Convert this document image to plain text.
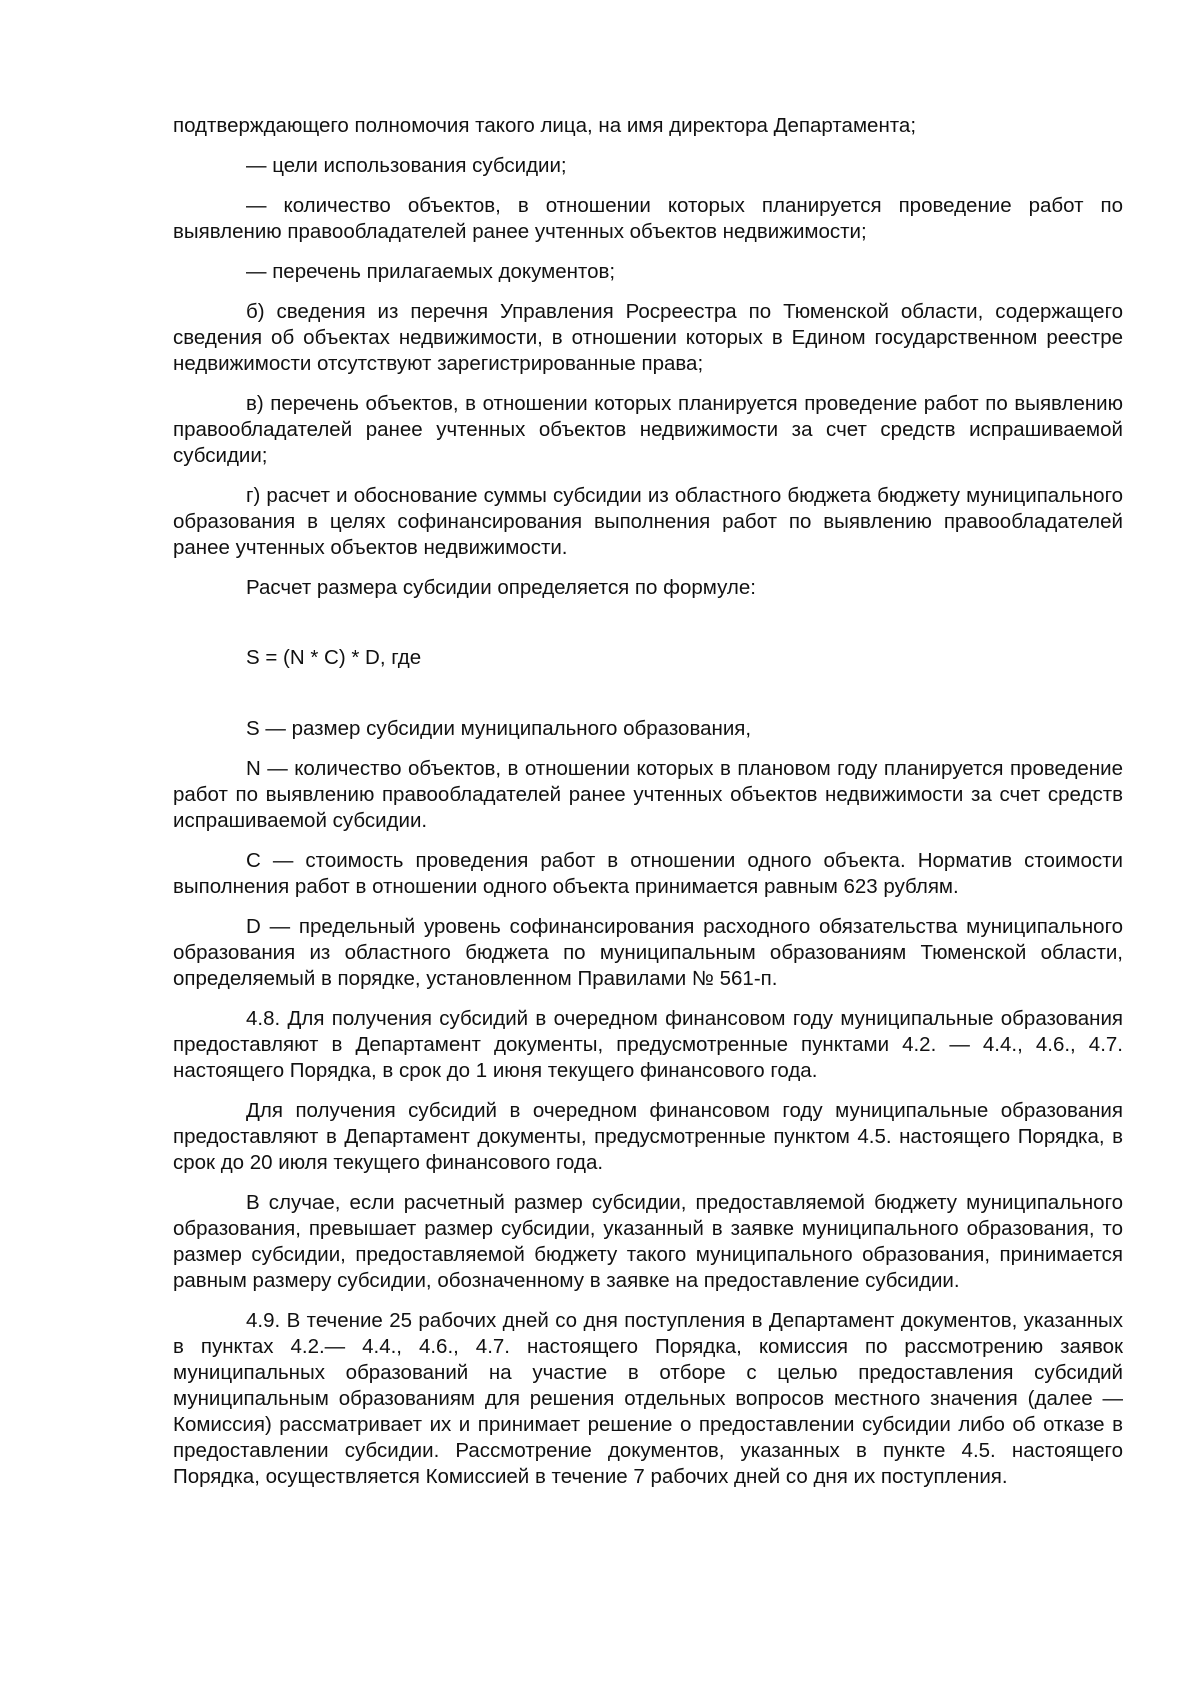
подтверждающего полномочия такого лица, на имя директора Департамента;

— цели использования субсидии;

— количество объектов, в отношении которых планируется проведение работ по выявлению правообладателей ранее учтенных объектов недвижимости;

— перечень прилагаемых документов;

б) сведения из перечня Управления Росреестра по Тюменской области, содержащего сведения об объектах недвижимости, в отношении которых в Едином государственном реестре недвижимости отсутствуют зарегистрированные права;

в) перечень объектов, в отношении которых планируется проведение работ по выявлению правообладателей ранее учтенных объектов недвижимости за счет средств испрашиваемой субсидии;

г) расчет и обоснование суммы субсидии из областного бюджета бюджету муниципального образования в целях софинансирования выполнения работ по выявлению правообладателей ранее учтенных объектов недвижимости.

Расчет размера субсидии определяется по формуле:

S = (N * C) * D, где

S — размер субсидии муниципального образования,

N — количество объектов, в отношении которых в плановом году планируется проведение работ по выявлению правообладателей ранее учтенных объектов недвижимости за счет средств испрашиваемой субсидии.

C — стоимость проведения работ в отношении одного объекта. Норматив стоимости выполнения работ в отношении одного объекта принимается равным 623 рублям.

D — предельный уровень софинансирования расходного обязательства муниципального образования из областного бюджета по муниципальным образованиям Тюменской области, определяемый в порядке, установленном Правилами № 561-п.

4.8. Для получения субсидий в очередном финансовом году муниципальные образования предоставляют в Департамент документы, предусмотренные пунктами 4.2. — 4.4., 4.6., 4.7. настоящего Порядка, в срок до 1 июня текущего финансового года.

Для получения субсидий в очередном финансовом году муниципальные образования предоставляют в Департамент документы, предусмотренные пунктом 4.5. настоящего Порядка, в срок до 20 июля текущего финансового года.

В случае, если расчетный размер субсидии, предоставляемой бюджету муниципального образования, превышает размер субсидии, указанный в заявке муниципального образования, то размер субсидии, предоставляемой бюджету такого муниципального образования, принимается равным размеру субсидии, обозначенному в заявке на предоставление субсидии.

4.9. В течение 25 рабочих дней со дня поступления в Департамент документов, указанных в пунктах 4.2.— 4.4., 4.6., 4.7. настоящего Порядка, комиссия по рассмотрению заявок муниципальных образований на участие в отборе с целью предоставления субсидий муниципальным образованиям для решения отдельных вопросов местного значения (далее — Комиссия) рассматривает их и принимает решение о предоставлении субсидии либо об отказе в предоставлении субсидии. Рассмотрение документов, указанных в пункте 4.5. настоящего Порядка, осуществляется Комиссией в течение 7 рабочих дней со дня их поступления.
